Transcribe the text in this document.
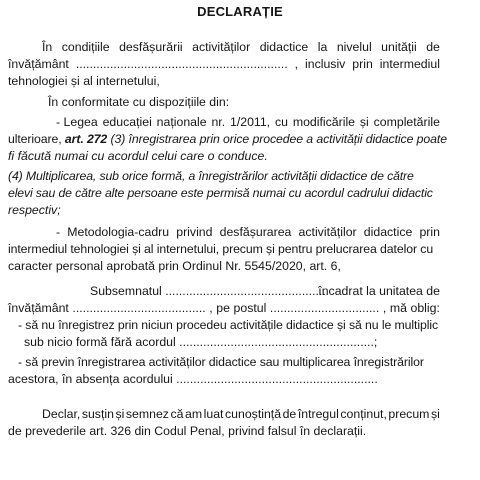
DECLARAȚIE
În condițiile desfășurării activităților didactice la nivelul unității de
învățământ .............................................................. , inclusiv prin intermediul
tehnologiei și al internetului,
În conformitate cu dispozițiile din:
- Legea educației naționale nr. 1/2011, cu modificările și completările
ulterioare, art. 272 (3) înregistrarea prin orice procedee a activității didactice poate
fi făcută numai cu acordul celui care o conduce.
(4) Multiplicarea, sub orice formă, a înregistrărilor activității didactice de către
elevi sau de către alte persoane este permisă numai cu acordul cadrului didactic
respectiv;
- Metodologia-cadru privind desfășurarea activităților didactice prin
intermediul tehnologiei și al internetului, precum și pentru prelucrarea datelor cu
caracter personal aprobată prin Ordinul Nr. 5545/2020, art. 6,
Subsemnatul ...............................................
încadrat la unitatea de
învățământ ....................................... , pe postul ................................ , mă oblig:
- să nu înregistrez prin niciun procedeu activitățile didactice și să nu le multiplic
sub nicio formă fără acordul .........................................................;
- să previn înregistrarea activităților didactice sau multiplicarea înregistrărilor
acestora, în absența acordului ...........................................................
Declar, susțin și semnez că am luat cunoștință de întregul conținut, precum și
de prevederile art. 326 din Codul Penal, privind falsul în declarații.
